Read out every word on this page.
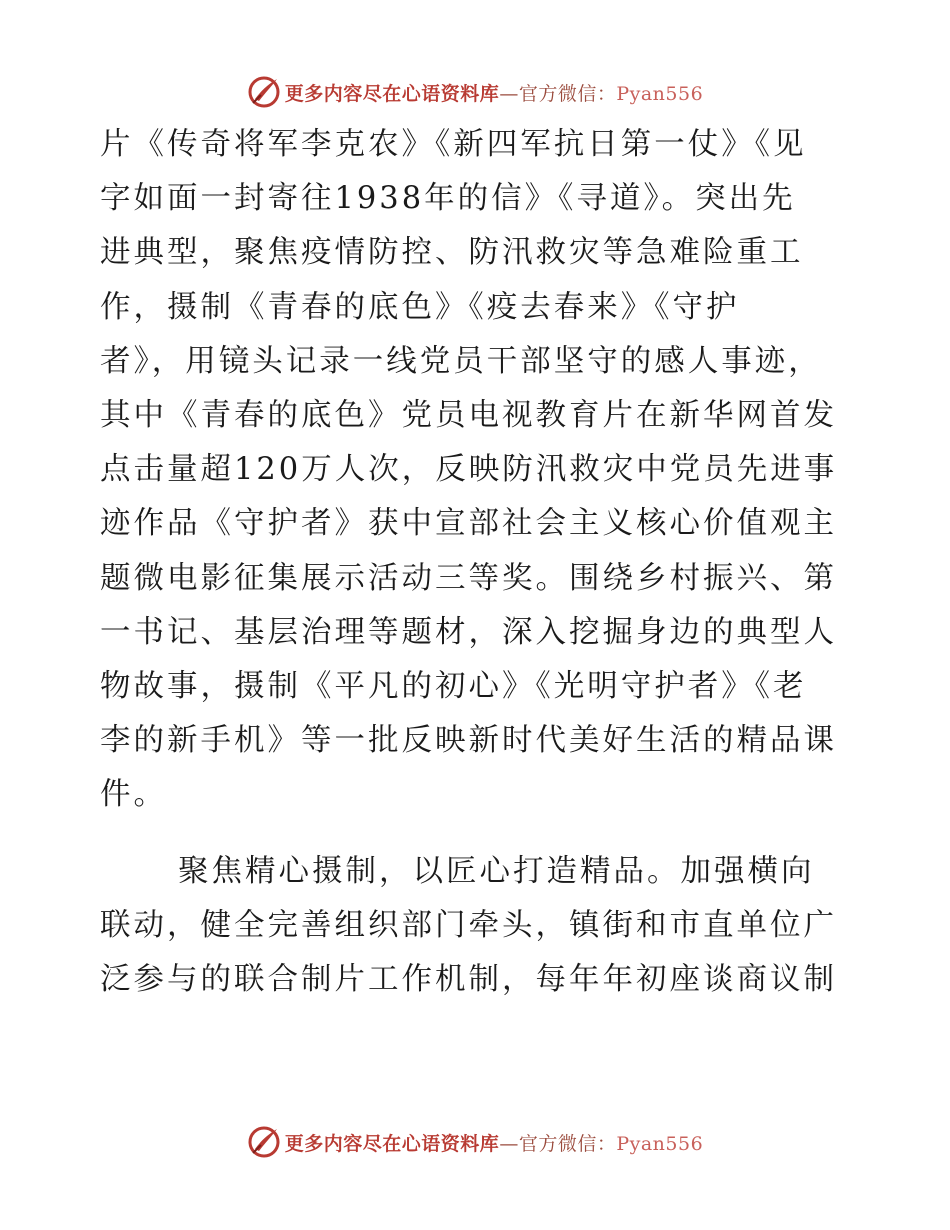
更多内容尽在心语资料库—官方微信：Pyan556

片《传奇将军李克农》《新四军抗日第一仗》《见
字如面一封寄往1938年的信》《寻道》。突出先
进典型，聚焦疫情防控、防汛救灾等急难险重工
作，摄制《青春的底色》《疫去春来》《守护
者》，用镜头记录一线党员干部坚守的感人事迹，
其中《青春的底色》党员电视教育片在新华网首发
点击量超120万人次，反映防汛救灾中党员先进事
迹作品《守护者》获中宣部社会主义核心价值观主
题微电影征集展示活动三等奖。围绕乡村振兴、第
一书记、基层治理等题材，深入挖掘身边的典型人
物故事，摄制《平凡的初心》《光明守护者》《老
李的新手机》等一批反映新时代美好生活的精品课
件。

聚焦精心摄制，以匠心打造精品。加强横向
联动，健全完善组织部门牵头，镇街和市直单位广
泛参与的联合制片工作机制，每年年初座谈商议制

更多内容尽在心语资料库—官方微信：Pyan556
